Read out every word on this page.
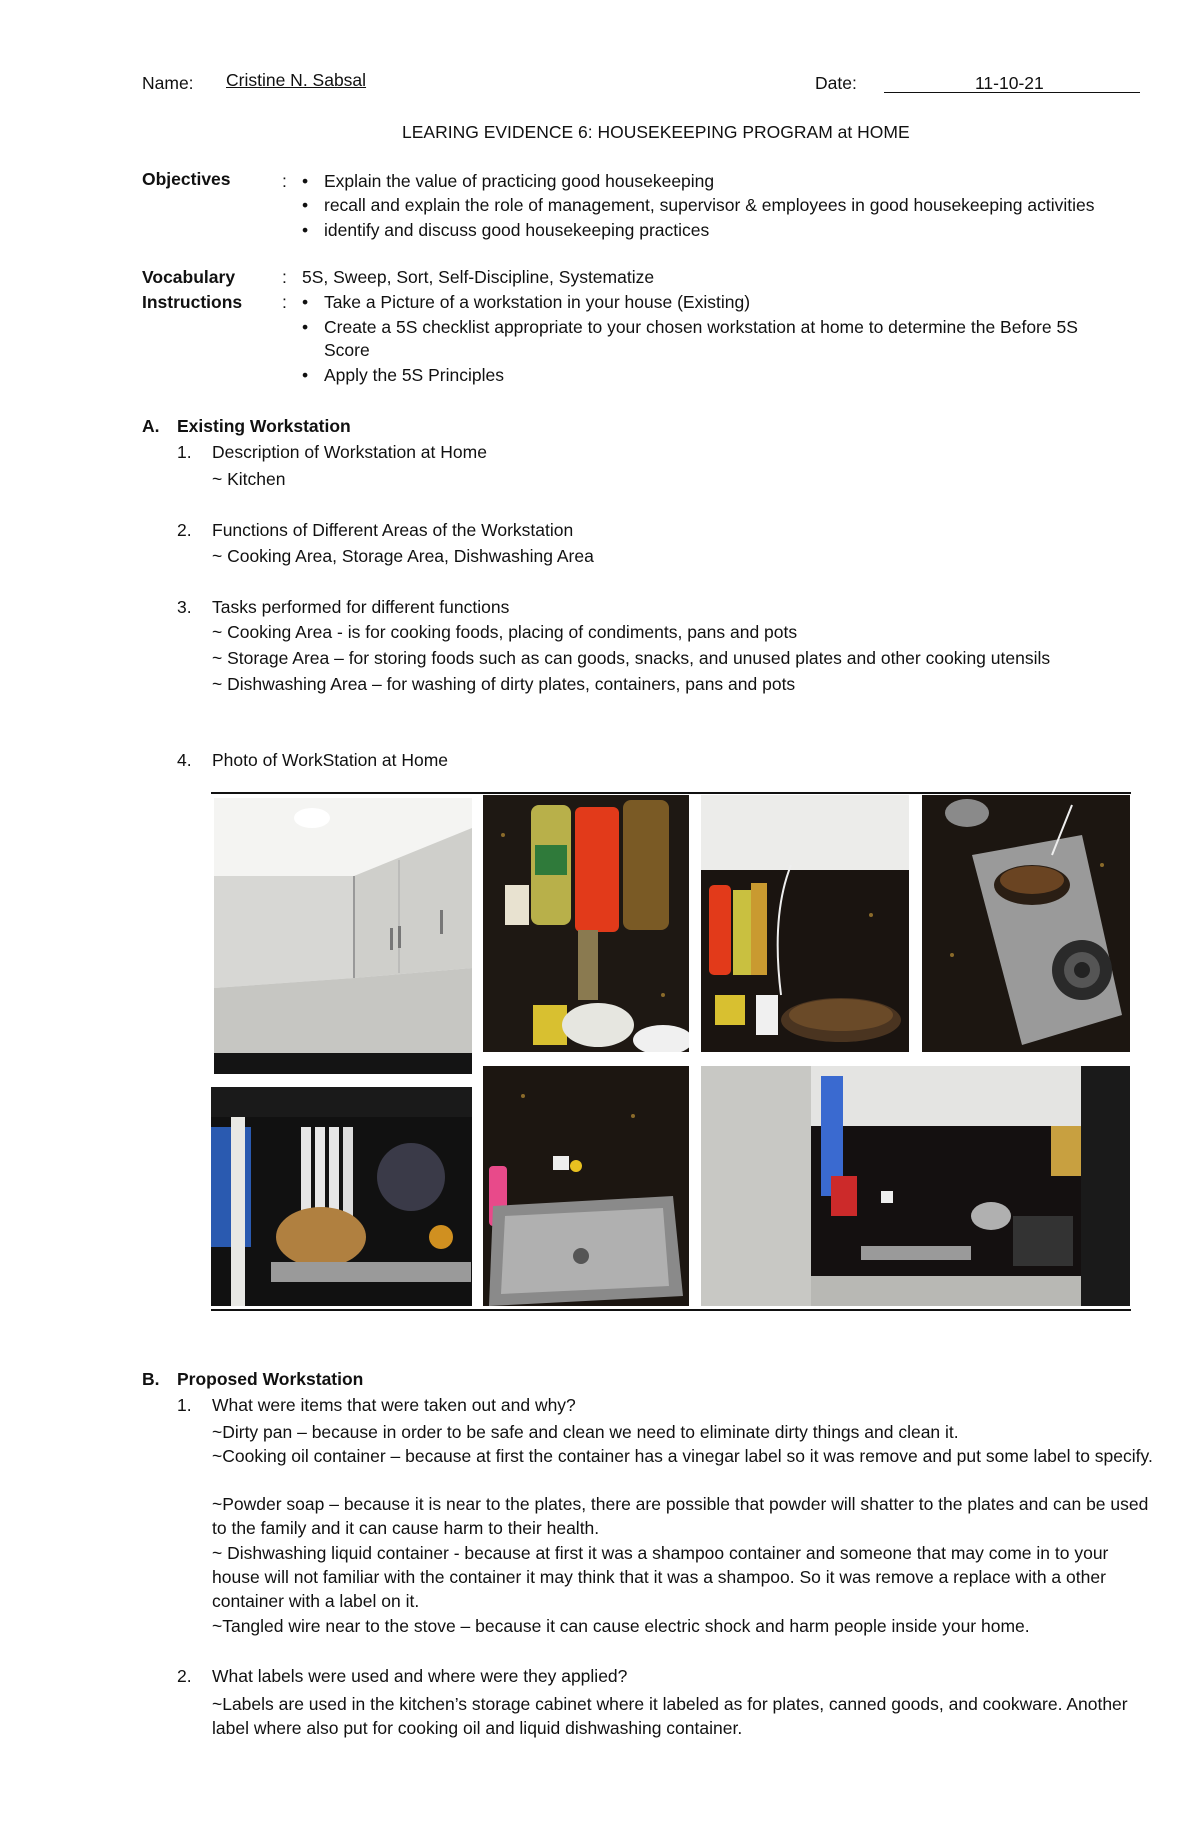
Name: Cristine N. Sabsal	Date:	11-10-21
LEARING EVIDENCE 6: HOUSEKEEPING PROGRAM at HOME
Objectives	: • Explain the value of practicing good housekeeping
•
recall and explain the role of management, supervisor & employees in good housekeeping activities
•
identify and discuss good housekeeping practices
Vocabulary	: 5S, Sweep, Sort, Self-Discipline, Systematize
Instructions : • Take a Picture of a workstation in your house (Existing)
•
Create a 5S checklist appropriate to your chosen workstation at home to determine the Before 5S
Score
•
Apply the 5S Principles
A. Existing Workstation
1. Description of Workstation at Home
~ Kitchen
2. Functions of Different Areas of the Workstation
~ Cooking Area, Storage Area, Dishwashing Area
3. Tasks performed for different functions
~ Cooking Area - is for cooking foods, placing of condiments, pans and pots
~ Storage Area – for storing foods such as can goods, snacks, and unused plates and other cooking utensils
~ Dishwashing Area – for washing of dirty plates, containers, pans and pots
4. Photo of WorkStation at Home
B. Proposed Workstation
1. What were items that were taken out and why?
~Dirty pan – because in order to be safe and clean we need to eliminate dirty things and clean it.
~Cooking oil container – because at first the container has a vinegar label so it was remove and put some label to specify.
~Powder soap – because it is near to the plates, there are possible that powder will shatter to the plates and can be used to the family and it can cause harm to their health.
~ Dishwashing liquid container - because at first it was a shampoo container and someone that may come in to your house will not familiar with the container it may think that it was a shampoo. So it was remove a replace with a other container with a label on it.
~Tangled wire near to the stove – because it can cause electric shock and harm people inside your home.
2. What labels were used and where were they applied?
~Labels are used in the kitchen’s storage cabinet where it labeled as for plates, canned goods, and cookware. Another label where also put for cooking oil and liquid dishwashing container.
